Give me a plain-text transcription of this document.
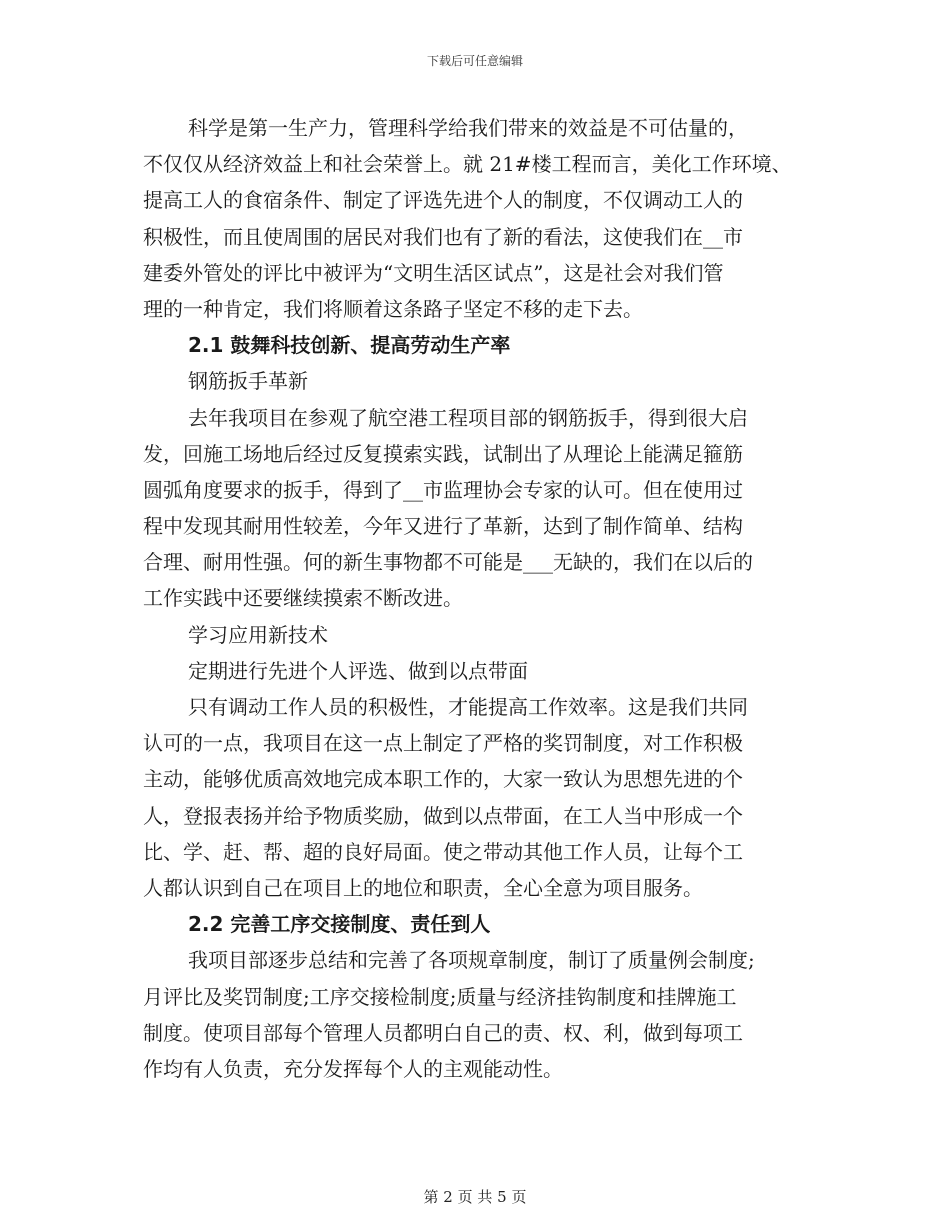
下载后可任意编辑
科学是第一生产力，管理科学给我们带来的效益是不可估量的，
不仅仅从经济效益上和社会荣誉上。就 21#楼工程而言，美化工作环境、
提高工人的食宿条件、制定了评选先进个人的制度，不仅调动工人的
积极性，而且使周围的居民对我们也有了新的看法，这使我们在__市
建委外管处的评比中被评为“文明生活区试点”，这是社会对我们管
理的一种肯定，我们将顺着这条路子坚定不移的走下去。
2.1 鼓舞科技创新、提高劳动生产率
钢筋扳手革新
去年我项目在参观了航空港工程项目部的钢筋扳手，得到很大启
发，回施工场地后经过反复摸索实践，试制出了从理论上能满足箍筋
圆弧角度要求的扳手，得到了__市监理协会专家的认可。但在使用过
程中发现其耐用性较差，今年又进行了革新，达到了制作简单、结构
合理、耐用性强。何的新生事物都不可能是___无缺的，我们在以后的
工作实践中还要继续摸索不断改进。
学习应用新技术
定期进行先进个人评选、做到以点带面
只有调动工作人员的积极性，才能提高工作效率。这是我们共同
认可的一点，我项目在这一点上制定了严格的奖罚制度，对工作积极
主动，能够优质高效地完成本职工作的，大家一致认为思想先进的个
人，登报表扬并给予物质奖励，做到以点带面，在工人当中形成一个
比、学、赶、帮、超的良好局面。使之带动其他工作人员，让每个工
人都认识到自己在项目上的地位和职责，全心全意为项目服务。
2.2 完善工序交接制度、责任到人
我项目部逐步总结和完善了各项规章制度，制订了质量例会制度;
月评比及奖罚制度;工序交接检制度;质量与经济挂钩制度和挂牌施工
制度。使项目部每个管理人员都明白自己的责、权、利，做到每项工
作均有人负责，充分发挥每个人的主观能动性。
第 2 页 共 5 页
